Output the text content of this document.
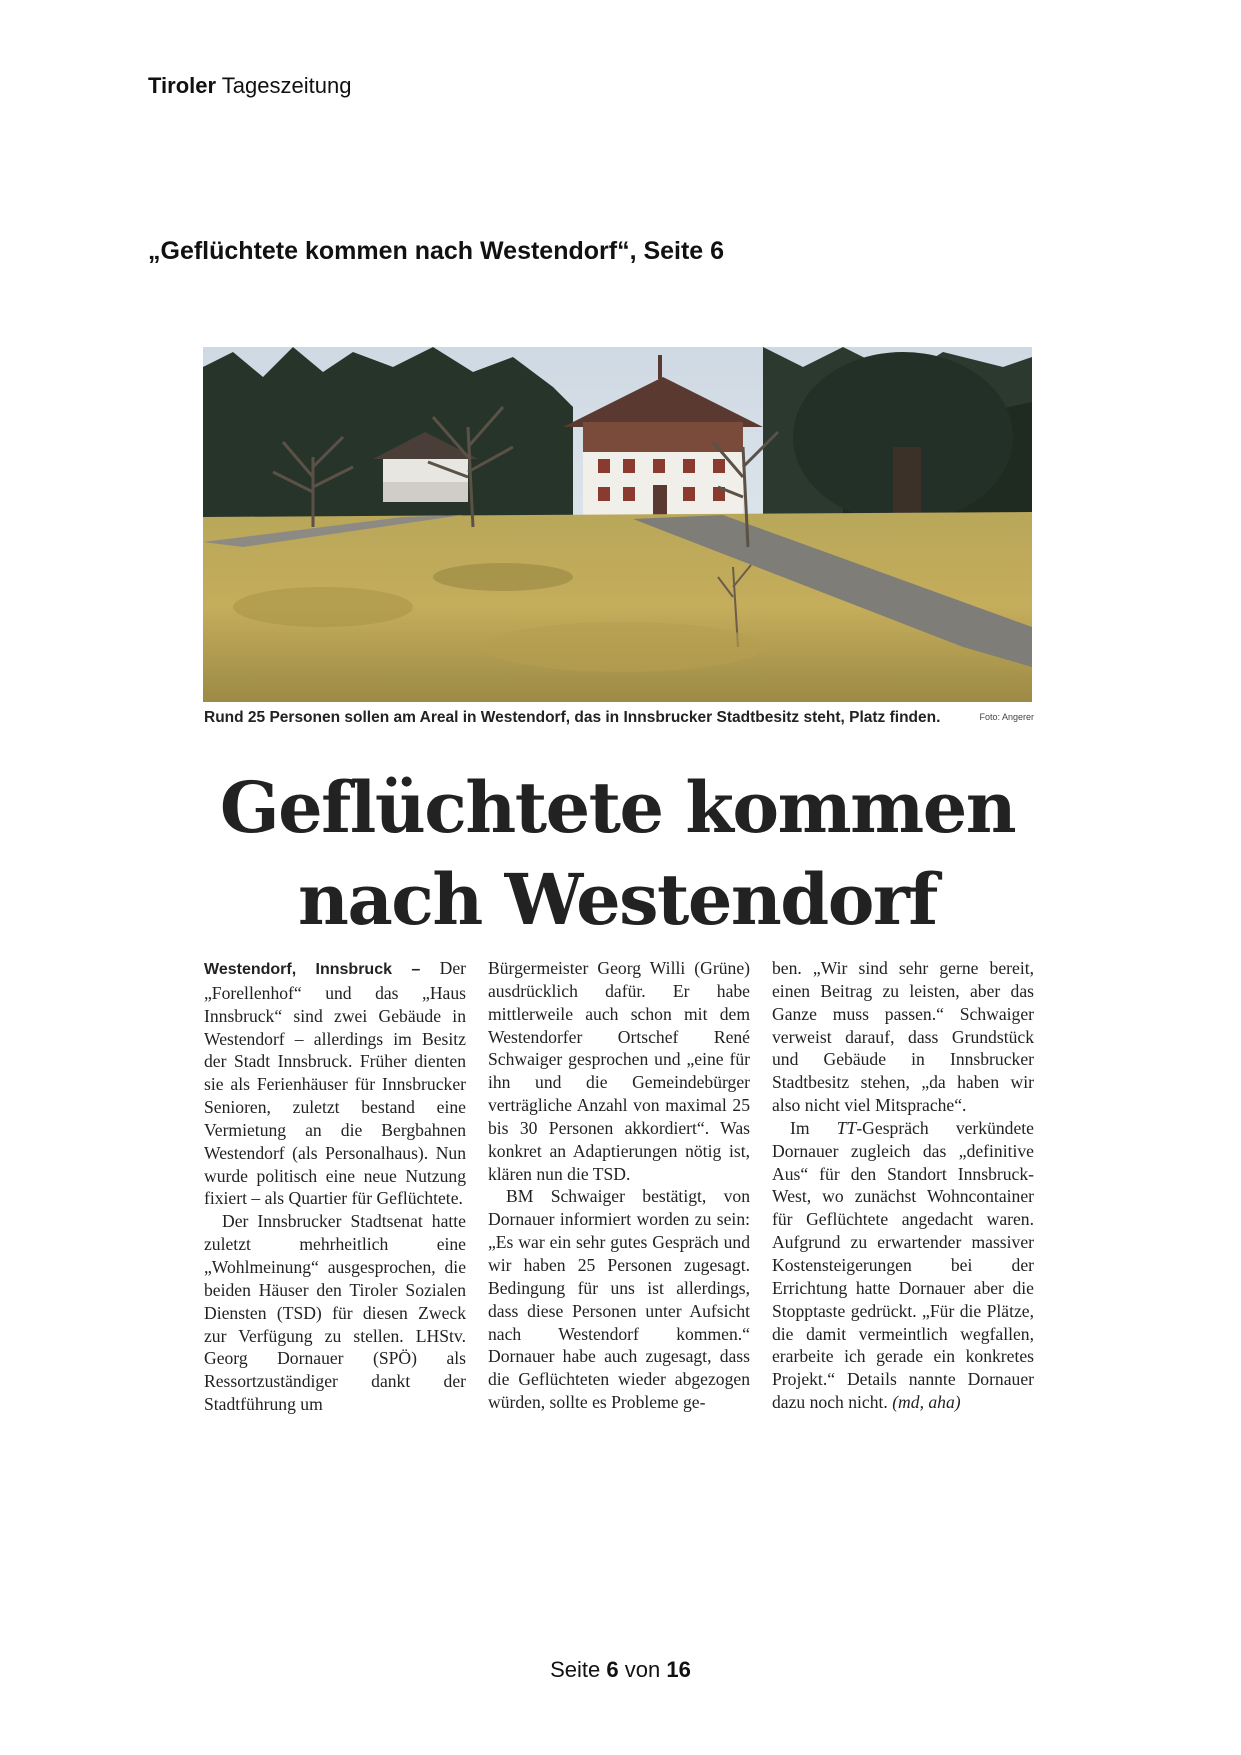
Tiroler Tageszeitung
„Geflüchtete kommen nach Westendorf“, Seite 6
Rund 25 Personen sollen am Areal in Westendorf, das in Innsbrucker Stadtbesitz steht, Platz finden.	Foto: Angerer
Geflüchtete kommen
nach Westendorf

Westendorf, Innsbruck – Der „Forellenhof“ und das „Haus Innsbruck“ sind zwei Gebäude in Westendorf – allerdings im Besitz der Stadt Innsbruck. Früher dienten sie als Ferienhäuser für Innsbrucker Senioren, zuletzt bestand eine Vermietung an die Bergbahnen Westendorf (als Personalhaus). Nun wurde politisch eine neue Nutzung fixiert – als Quartier für Geflüchtete.

Der Innsbrucker Stadtsenat hatte zuletzt mehrheitlich eine „Wohlmeinung“ ausgesprochen, die beiden Häuser den Tiroler Sozialen Diensten (TSD) für diesen Zweck zur Verfügung zu stellen. LHStv. Georg Dornauer (SPÖ) als Ressortzuständiger dankt der Stadtführung um

Bürgermeister Georg Willi (Grüne) ausdrücklich dafür. Er habe mittlerweile auch schon mit dem Westendorfer Ortschef René Schwaiger gesprochen und „eine für ihn und die Gemeindebürger verträgliche Anzahl von maximal 25 bis 30 Personen akkordiert“. Was konkret an Adaptierungen nötig ist, klären nun die TSD.

BM Schwaiger bestätigt, von Dornauer informiert worden zu sein: „Es war ein sehr gutes Gespräch und wir haben 25 Personen zugesagt. Bedingung für uns ist allerdings, dass diese Personen unter Aufsicht nach Westendorf kommen.“ Dornauer habe auch zugesagt, dass die Geflüchteten wieder abgezogen würden, sollte es Probleme ge-

ben. „Wir sind sehr gerne bereit, einen Beitrag zu leisten, aber das Ganze muss passen.“ Schwaiger verweist darauf, dass Grundstück und Gebäude in Innsbrucker Stadtbesitz stehen, „da haben wir also nicht viel Mitsprache“.

Im TT-Gespräch verkündete Dornauer zugleich das „definitive Aus“ für den Standort Innsbruck-West, wo zunächst Wohncontainer für Geflüchtete angedacht waren. Aufgrund zu erwartender massiver Kostensteigerungen bei der Errichtung hatte Dornauer aber die Stopptaste gedrückt. „Für die Plätze, die damit vermeintlich wegfallen, erarbeite ich gerade ein konkretes Projekt.“ Details nannte Dornauer dazu noch nicht. (md, aha)

Seite 6 von 16
